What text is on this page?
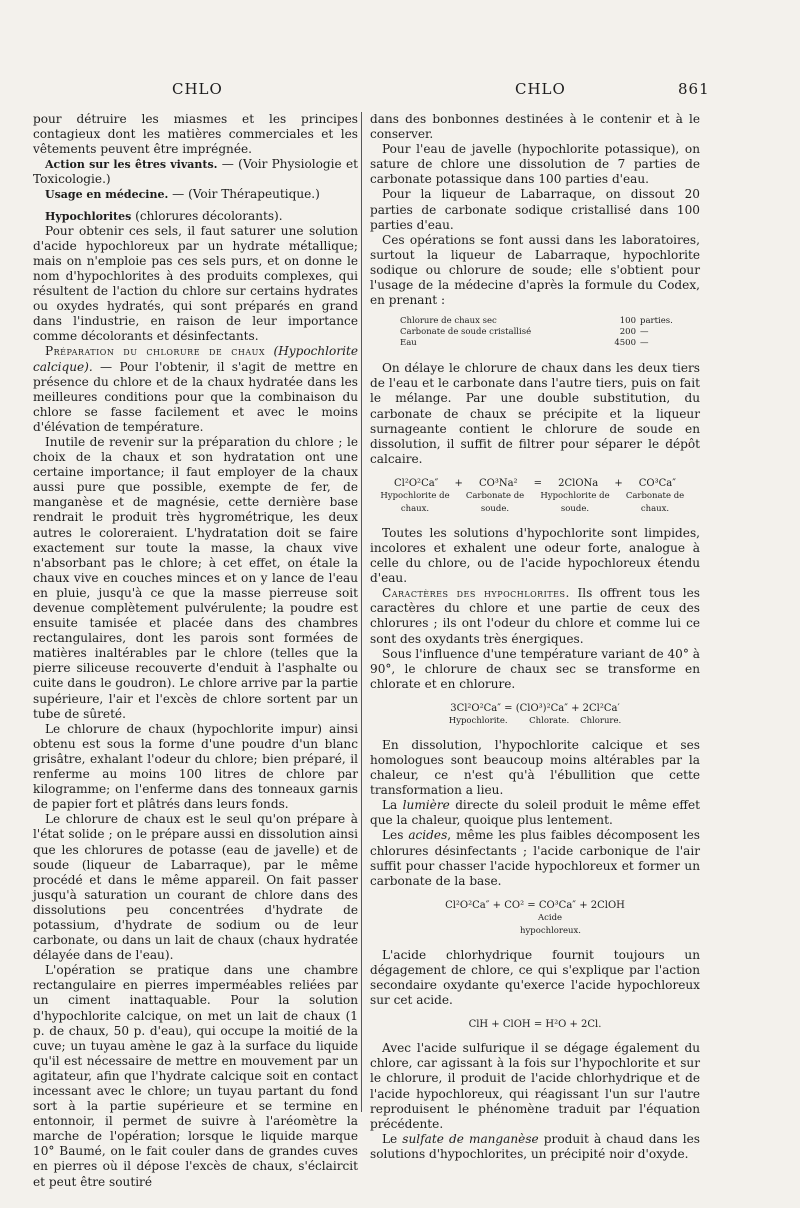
CHLO	CHLO	861

pour détruire les miasmes et les principes contagieux dont les matières commerciales et les vêtements peuvent être imprégnée.

Action sur les êtres vivants. — (Voir Physiologie et Toxicologie.)

Usage en médecine. — (Voir Thérapeutique.)

Hypochlorites (chlorures décolorants).

Pour obtenir ces sels, il faut saturer une solution d'acide hypochloreux par un hydrate métallique; mais on n'emploie pas ces sels purs, et on donne le nom d'hypochlorites à des produits complexes, qui résultent de l'action du chlore sur certains hydrates ou oxydes hydratés, qui sont préparés en grand dans l'industrie, en raison de leur importance comme décolorants et désinfectants.

Préparation du chlorure de chaux (Hypochlorite calcique). — Pour l'obtenir, il s'agit de mettre en présence du chlore et de la chaux hydratée dans les meilleures conditions pour que la combinaison du chlore se fasse facilement et avec le moins d'élévation de température.

Inutile de revenir sur la préparation du chlore ; le choix de la chaux et son hydratation ont une certaine importance; il faut employer de la chaux aussi pure que possible, exempte de fer, de manganèse et de magnésie, cette dernière base rendrait le produit très hygrométrique, les deux autres le coloreraient. L'hydratation doit se faire exactement sur toute la masse, la chaux vive n'absorbant pas le chlore; à cet effet, on étale la chaux vive en couches minces et on y lance de l'eau en pluie, jusqu'à ce que la masse pierreuse soit devenue complètement pulvérulente; la poudre est ensuite tamisée et placée dans des chambres rectangulaires, dont les parois sont formées de matières inaltérables par le chlore (telles que la pierre siliceuse recouverte d'enduit à l'asphalte ou cuite dans le goudron). Le chlore arrive par la partie supérieure, l'air et l'excès de chlore sortent par un tube de sûreté.

Le chlorure de chaux (hypochlorite impur) ainsi obtenu est sous la forme d'une poudre d'un blanc grisâtre, exhalant l'odeur du chlore; bien préparé, il renferme au moins 100 litres de chlore par kilogramme; on l'enferme dans des tonneaux garnis de papier fort et plâtrés dans leurs fonds.

Le chlorure de chaux est le seul qu'on prépare à l'état solide ; on le prépare aussi en dissolution ainsi que les chlorures de potasse (eau de javelle) et de soude (liqueur de Labarraque), par le même procédé et dans le même appareil. On fait passer jusqu'à saturation un courant de chlore dans des dissolutions peu concentrées d'hydrate de potassium, d'hydrate de sodium ou de leur carbonate, ou dans un lait de chaux (chaux hydratée délayée dans de l'eau).

L'opération se pratique dans une chambre rectangulaire en pierres imperméables reliées par un ciment inattaquable. Pour la solution d'hypochlorite calcique, on met un lait de chaux (1 p. de chaux, 50 p. d'eau), qui occupe la moitié de la cuve; un tuyau amène le gaz à la surface du liquide qu'il est nécessaire de mettre en mouvement par un agitateur, afin que l'hydrate calcique soit en contact incessant avec le chlore; un tuyau partant du fond sort à la partie supérieure et se termine en entonnoir, il permet de suivre à l'aréomètre la marche de l'opération; lorsque le liquide marque 10° Baumé, on le fait couler dans de grandes cuves en pierres où il dépose l'excès de chaux, s'éclaircit et peut être soutiré

dans des bonbonnes destinées à le contenir et à le conserver.

Pour l'eau de javelle (hypochlorite potassique), on sature de chlore une dissolution de 7 parties de carbonate potassique dans 100 parties d'eau.

Pour la liqueur de Labarraque, on dissout 20 parties de carbonate sodique cristallisé dans 100 parties d'eau.

Ces opérations se font aussi dans les laboratoires, surtout la liqueur de Labarraque, hypochlorite sodique ou chlorure de soude; elle s'obtient pour l'usage de la médecine d'après la formule du Codex, en prenant :

Chlorure de chaux sec	100	parties.
Carbonate de soude cristallisé	200	—
Eau	4500	—

On délaye le chlorure de chaux dans les deux tiers de l'eau et le carbonate dans l'autre tiers, puis on fait le mélange. Par une double substitution, du carbonate de chaux se précipite et la liqueur surnageante contient le chlorure de soude en dissolution, il suffit de filtrer pour séparer le dépôt calcaire.

Cl²O²Ca″ + CO³Na² = 2ClONa + CO³Ca″
Hypochlorite de chaux.
Carbonate de soude.
Hypochlorite de soude.
Carbonate de chaux.

Toutes les solutions d'hypochlorite sont limpides, incolores et exhalent une odeur forte, analogue à celle du chlore, ou de l'acide hypochloreux étendu d'eau.

Caractères des hypochlorites. Ils offrent tous les caractères du chlore et une partie de ceux des chlorures ; ils ont l'odeur du chlore et comme lui ce sont des oxydants très énergiques.

Sous l'influence d'une température variant de 40° à 90°, le chlorure de chaux sec se transforme en chlorate et en chlorure.

3Cl²O²Ca″ = (ClO³)²Ca″ + 2Cl²Ca′
Hypochlorite.        Chlorate.    Chlorure.

En dissolution, l'hypochlorite calcique et ses homologues sont beaucoup moins altérables par la chaleur, ce n'est qu'à l'ébullition que cette transformation a lieu.

La lumière directe du soleil produit le même effet que la chaleur, quoique plus lentement.

Les acides, même les plus faibles décomposent les chlorures désinfectants ; l'acide carbonique de l'air suffit pour chasser l'acide hypochloreux et former un carbonate de la base.

Cl²O²Ca″ + CO² = CO³Ca″ + 2ClOH
Acide hypochloreux.

L'acide chlorhydrique fournit toujours un dégagement de chlore, ce qui s'explique par l'action secondaire oxydante qu'exerce l'acide hypochloreux sur cet acide.

ClH + ClOH = H²O + 2Cl.

Avec l'acide sulfurique il se dégage également du chlore, car agissant à la fois sur l'hypochlorite et sur le chlorure, il produit de l'acide chlorhydrique et de l'acide hypochloreux, qui réagissant l'un sur l'autre reproduisent le phénomène traduit par l'équation précédente.

Le sulfate de manganèse produit à chaud dans les solutions d'hypochlorites, un précipité noir d'oxyde.
